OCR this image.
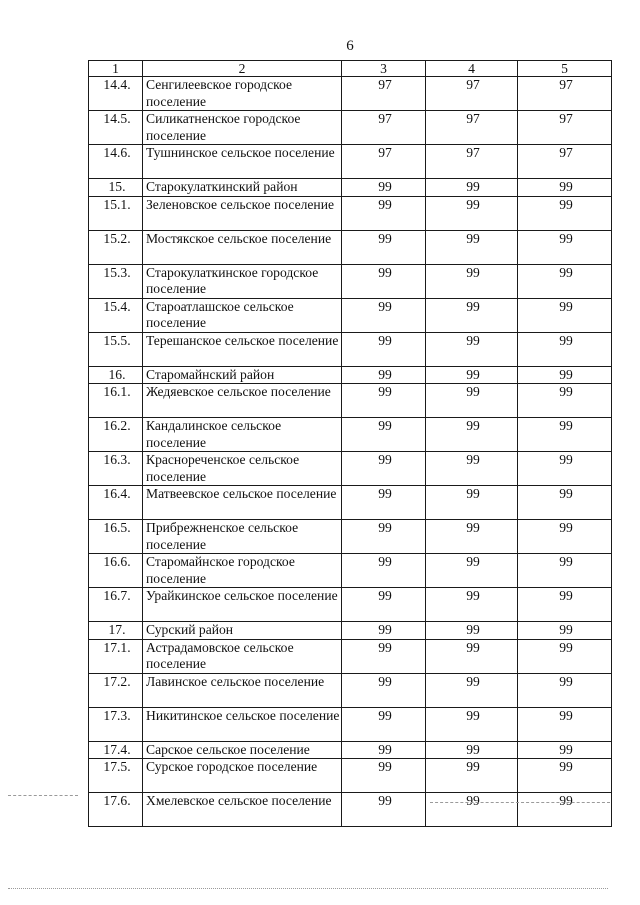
6
1	2	3	4	5
14.4.	Сенгилеевское городское поселение	97	97	97
14.5.	Силикатненское городское поселение	97	97	97
14.6.	Тушнинское сельское поселение	97	97	97
15.	Старокулаткинский район	99	99	99
15.1.	Зеленовское сельское поселение	99	99	99
15.2.	Мостякское сельское поселение	99	99	99
15.3.	Старокулаткинское городское поселение	99	99	99
15.4.	Староатлашское сельское поселение	99	99	99
15.5.	Терешанское сельское поселение	99	99	99
16.	Старомайнский район	99	99	99
16.1.	Жедяевское сельское поселение	99	99	99
16.2.	Кандалинское сельское поселение	99	99	99
16.3.	Краснореченское сельское поселение	99	99	99
16.4.	Матвеевское сельское поселение	99	99	99
16.5.	Прибрежненское сельское поселение	99	99	99
16.6.	Старомайнское городское поселение	99	99	99
16.7.	Урайкинское сельское поселение	99	99	99
17.	Сурский район	99	99	99
17.1.	Астрадамовское сельское поселение	99	99	99
17.2.	Лавинское сельское поселение	99	99	99
17.3.	Никитинское сельское поселение	99	99	99
17.4.	Сарское сельское поселение	99	99	99
17.5.	Сурское городское поселение	99	99	99
17.6.	Хмелевское сельское поселение	99	99	99
